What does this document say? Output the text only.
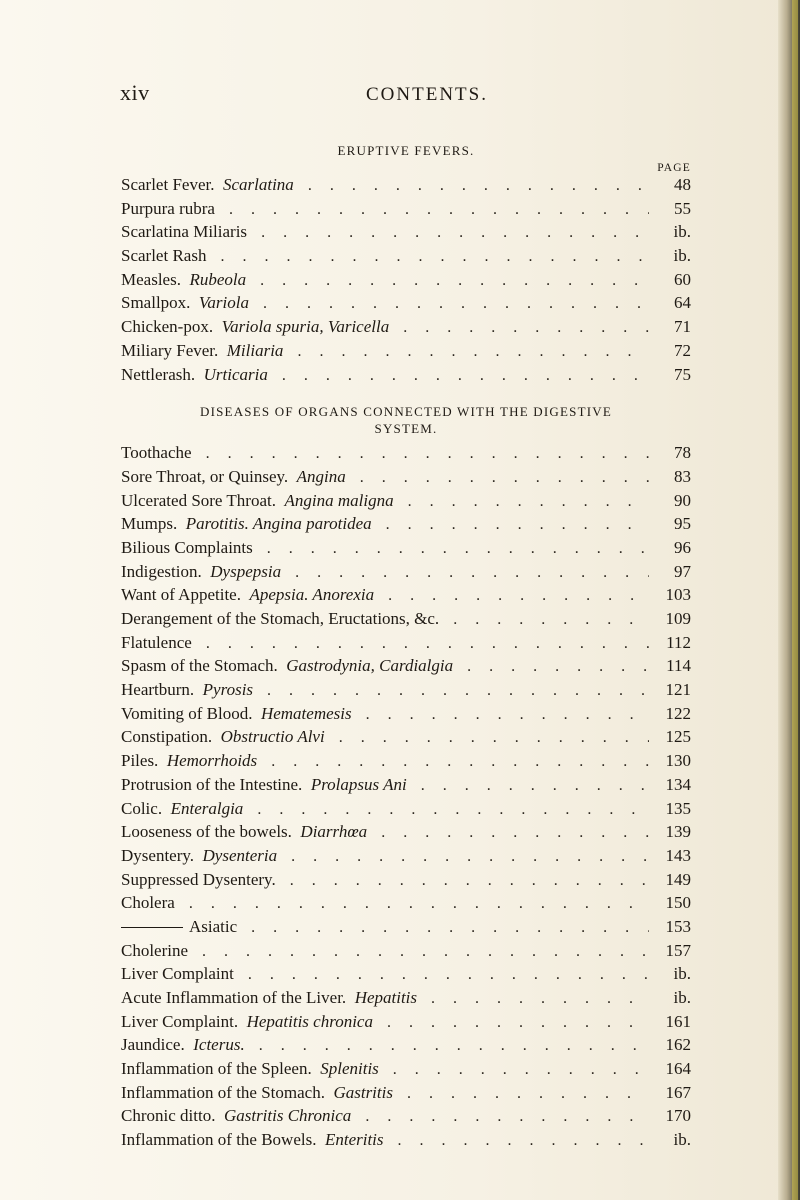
xiv	CONTENTS.
ERUPTIVE FEVERS.
PAGE
Scarlet Fever. Scarlatina . . .	48
Purpura rubra . . .	55
Scarlatina Miliaris . . .	ib.
Scarlet Rash . . .	ib.
Measles. Rubeola . . .	60
Smallpox. Variola . . .	64
Chicken-pox. Variola spuria, Varicella . . .	71
Miliary Fever. Miliaria . . .	72
Nettlerash. Urticaria . . .	75
DISEASES OF ORGANS CONNECTED WITH THE DIGESTIVE
SYSTEM.
Toothache . . .	78
Sore Throat, or Quinsey. Angina . . .	83
Ulcerated Sore Throat. Angina maligna . . .	90
Mumps. Parotitis. Angina parotidea . . .	95
Bilious Complaints . . .	96
Indigestion. Dyspepsia . . .	97
Want of Appetite. Apepsia. Anorexia . . .	103
Derangement of the Stomach, Eructations, &c. . . .	109
Flatulence . . .	112
Spasm of the Stomach. Gastrodynia, Cardialgia . . .	114
Heartburn. Pyrosis . . .	121
Vomiting of Blood. Hematemesis . . .	122
Constipation. Obstructio Alvi . . .	125
Piles. Hemorrhoids . . .	130
Protrusion of the Intestine. Prolapsus Ani . . .	134
Colic. Enteralgia . . .	135
Looseness of the bowels. Diarrhœa . . .	139
Dysentery. Dysenteria . . .	143
Suppressed Dysentery. . . .	149
Cholera . . .	150
Asiatic . . .	153
Cholerine . . .	157
Liver Complaint . . .	ib.
Acute Inflammation of the Liver. Hepatitis . . .	ib.
Liver Complaint. Hepatitis chronica . . .	161
Jaundice. Icterus. . . .	162
Inflammation of the Spleen. Splenitis . . .	164
Inflammation of the Stomach. Gastritis . . .	167
Chronic ditto. Gastritis Chronica . . .	170
Inflammation of the Bowels. Enteritis . . .	ib.
